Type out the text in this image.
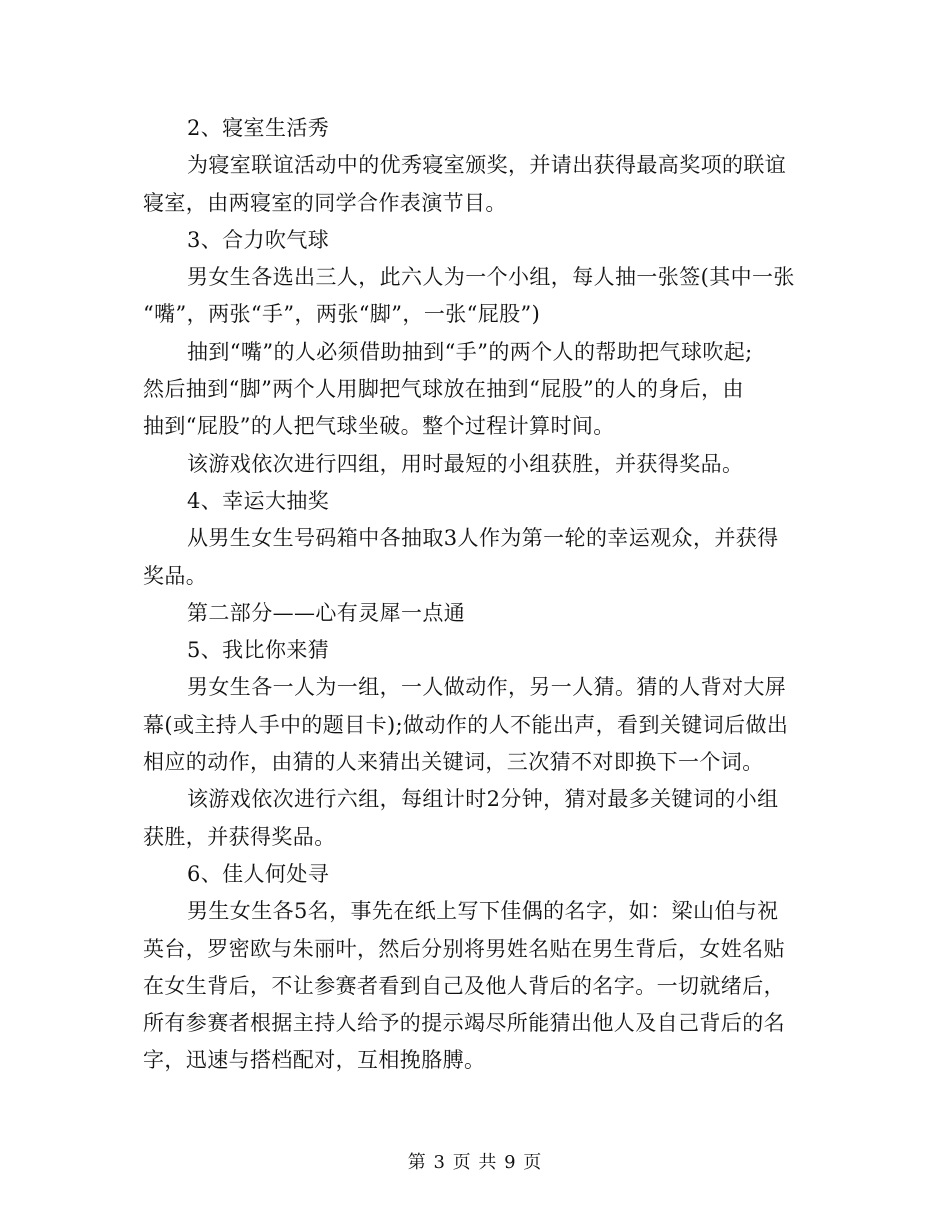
2、寝室生活秀
为寝室联谊活动中的优秀寝室颁奖，并请出获得最高奖项的联谊
寝室，由两寝室的同学合作表演节目。
3、合力吹气球
男女生各选出三人，此六人为一个小组，每人抽一张签(其中一张
“嘴”，两张“手”，两张“脚”，一张“屁股”)
抽到“嘴”的人必须借助抽到“手”的两个人的帮助把气球吹起;
然后抽到“脚”两个人用脚把气球放在抽到“屁股”的人的身后，由
抽到“屁股”的人把气球坐破。整个过程计算时间。
该游戏依次进行四组，用时最短的小组获胜，并获得奖品。
4、幸运大抽奖
从男生女生号码箱中各抽取3人作为第一轮的幸运观众，并获得
奖品。
第二部分——心有灵犀一点通
5、我比你来猜
男女生各一人为一组，一人做动作，另一人猜。猜的人背对大屏
幕(或主持人手中的题目卡);做动作的人不能出声，看到关键词后做出
相应的动作，由猜的人来猜出关键词，三次猜不对即换下一个词。
该游戏依次进行六组，每组计时2分钟，猜对最多关键词的小组
获胜，并获得奖品。
6、佳人何处寻
男生女生各5名，事先在纸上写下佳偶的名字，如：梁山伯与祝
英台，罗密欧与朱丽叶，然后分别将男姓名贴在男生背后，女姓名贴
在女生背后，不让参赛者看到自己及他人背后的名字。一切就绪后，
所有参赛者根据主持人给予的提示竭尽所能猜出他人及自己背后的名
字，迅速与搭档配对，互相挽胳膊。
第 3 页 共 9 页
